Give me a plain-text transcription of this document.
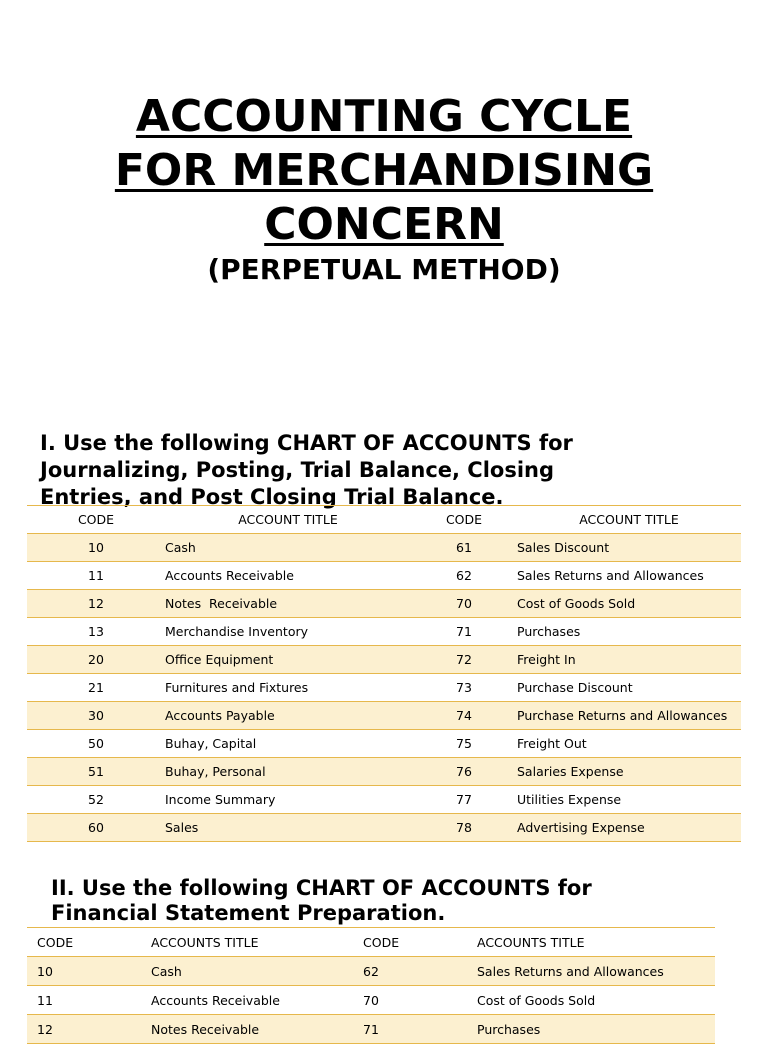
ACCOUNTING CYCLE
FOR MERCHANDISING
CONCERN
(PERPETUAL METHOD)
I. Use the following CHART OF ACCOUNTS for
Journalizing, Posting, Trial Balance, Closing
Entries, and Post Closing Trial Balance.
CODE	ACCOUNT TITLE	CODE	ACCOUNT TITLE
10	Cash	61	Sales Discount
11	Accounts Receivable	62	Sales Returns and Allowances
12	Notes  Receivable	70	Cost of Goods Sold
13	Merchandise Inventory	71	Purchases
20	Office Equipment	72	Freight In
21	Furnitures and Fixtures	73	Purchase Discount
30	Accounts Payable	74	Purchase Returns and Allowances
50	Buhay, Capital	75	Freight Out
51	Buhay, Personal	76	Salaries Expense
52	Income Summary	77	Utilities Expense
60	Sales	78	Advertising Expense
II. Use the following CHART OF ACCOUNTS for
Financial Statement Preparation.
CODE	ACCOUNTS TITLE	CODE	ACCOUNTS TITLE
10	Cash	62	Sales Returns and Allowances
11	Accounts Receivable	70	Cost of Goods Sold
12	Notes Receivable	71	Purchases
